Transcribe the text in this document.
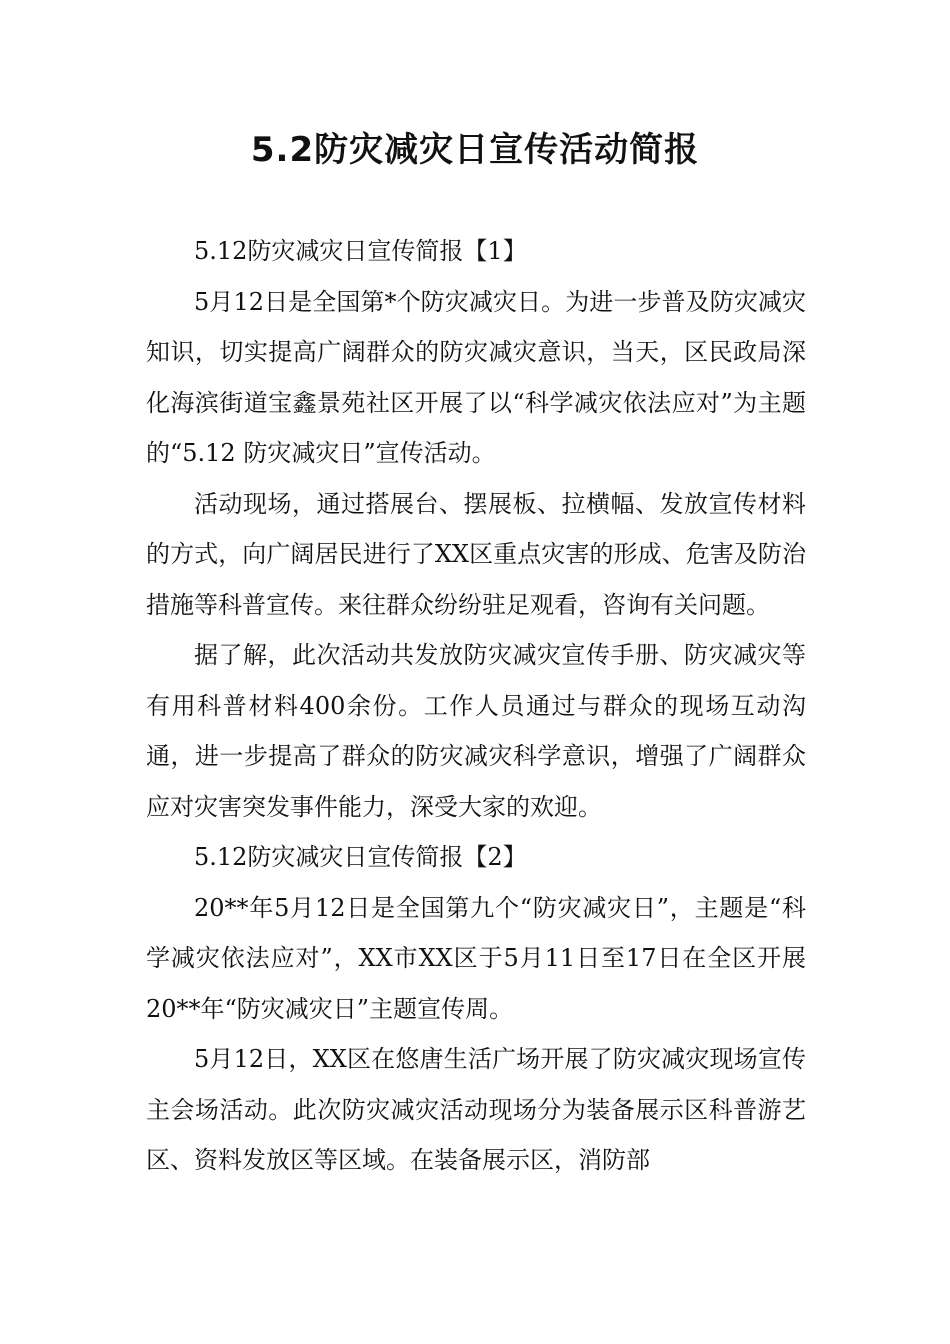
5.2防灾减灾日宣传活动简报

5.12防灾减灾日宣传简报【1】

5月12日是全国第*个防灾减灾日。为进一步普及防灾减灾知识，切实提高广阔群众的防灾减灾意识，当天，区民政局深化海滨街道宝鑫景苑社区开展了以“科学减灾依法应对”为主题的“5.12 防灾减灾日”宣传活动。

活动现场，通过搭展台、摆展板、拉横幅、发放宣传材料的方式，向广阔居民进行了XX区重点灾害的形成、危害及防治措施等科普宣传。来往群众纷纷驻足观看，咨询有关问题。

据了解，此次活动共发放防灾减灾宣传手册、防灾减灾等有用科普材料400余份。工作人员通过与群众的现场互动沟通，进一步提高了群众的防灾减灾科学意识，增强了广阔群众应对灾害突发事件能力，深受大家的欢迎。

5.12防灾减灾日宣传简报【2】

20**年5月12日是全国第九个“防灾减灾日”，主题是“科学减灾依法应对”，XX市XX区于5月11日至17日在全区开展20**年“防灾减灾日”主题宣传周。

5月12日，XX区在悠唐生活广场开展了防灾减灾现场宣传主会场活动。此次防灾减灾活动现场分为装备展示区科普游艺区、资料发放区等区域。在装备展示区，消防部
